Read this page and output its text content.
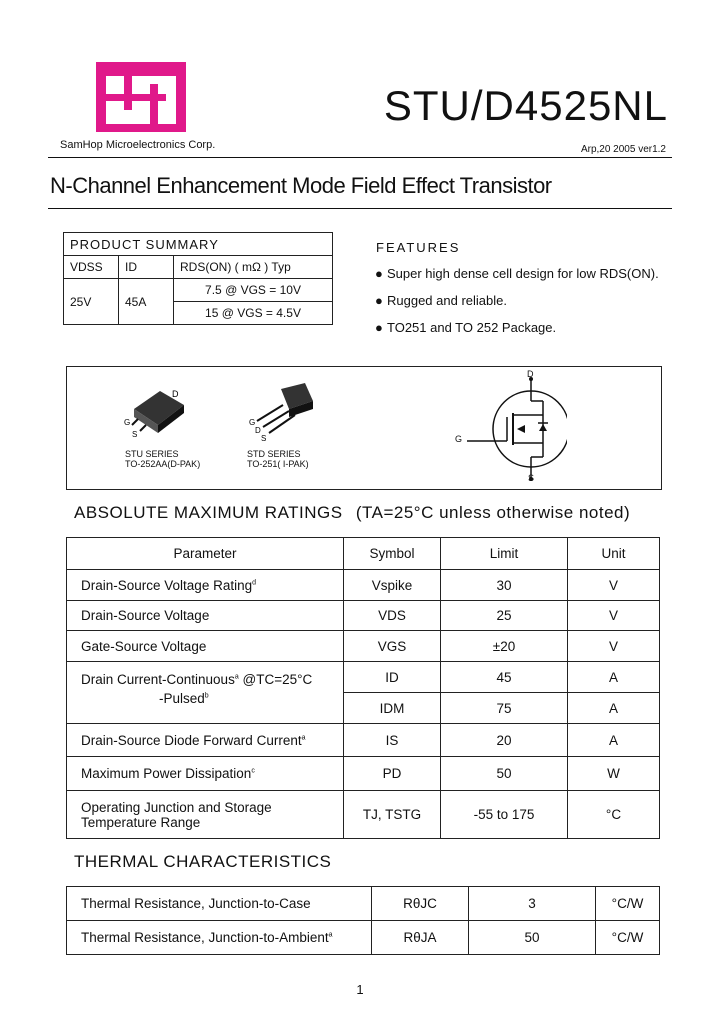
SamHop Microelectronics Corp.
STU/D4525NL
Arp,20 2005 ver1.2
N-Channel Enhancement Mode Field Effect Transistor
PRODUCT SUMMARY		
VDSS	ID	RDS(ON) ( mΩ ) Typ
25V	45A	7.5 @ VGS = 10V
		15 @ VGS = 4.5V
FEATURES
● Super high dense cell design for low RDS(ON).
● Rugged and reliable.
● TO251 and TO 252 Package.
D
G
S
STU SERIES
TO-252AA(D-PAK)
G
D
S
STD SERIES
TO-251( I-PAK)
D
G
S
ABSOLUTE MAXIMUM RATINGS (TA=25°C unless otherwise noted)
Parameter	Symbol	Limit	Unit
Drain-Source Voltage Rating$^d$	Vspike	30	V
Drain-Source Voltage	VDS	25	V
Gate-Source Voltage	VGS	±20	V

Drain Current-Continuous$^a$ @TC=25°C
-Pulsed$^b$	ID	45	A
	IDM	75	A
Drain-Source Diode Forward Current$^a$	IS	20	A
Maximum Power Dissipation$^c$	PD	50	W

Operating Junction and Storage
Temperature Range	TJ, TSTG	-55 to 175	°C
THERMAL CHARACTERISTICS
Thermal Resistance, Junction-to-Case	RθJC	3	°C/W
Thermal Resistance, Junction-to-Ambient$^a$	RθJA	50	°C/W
1
